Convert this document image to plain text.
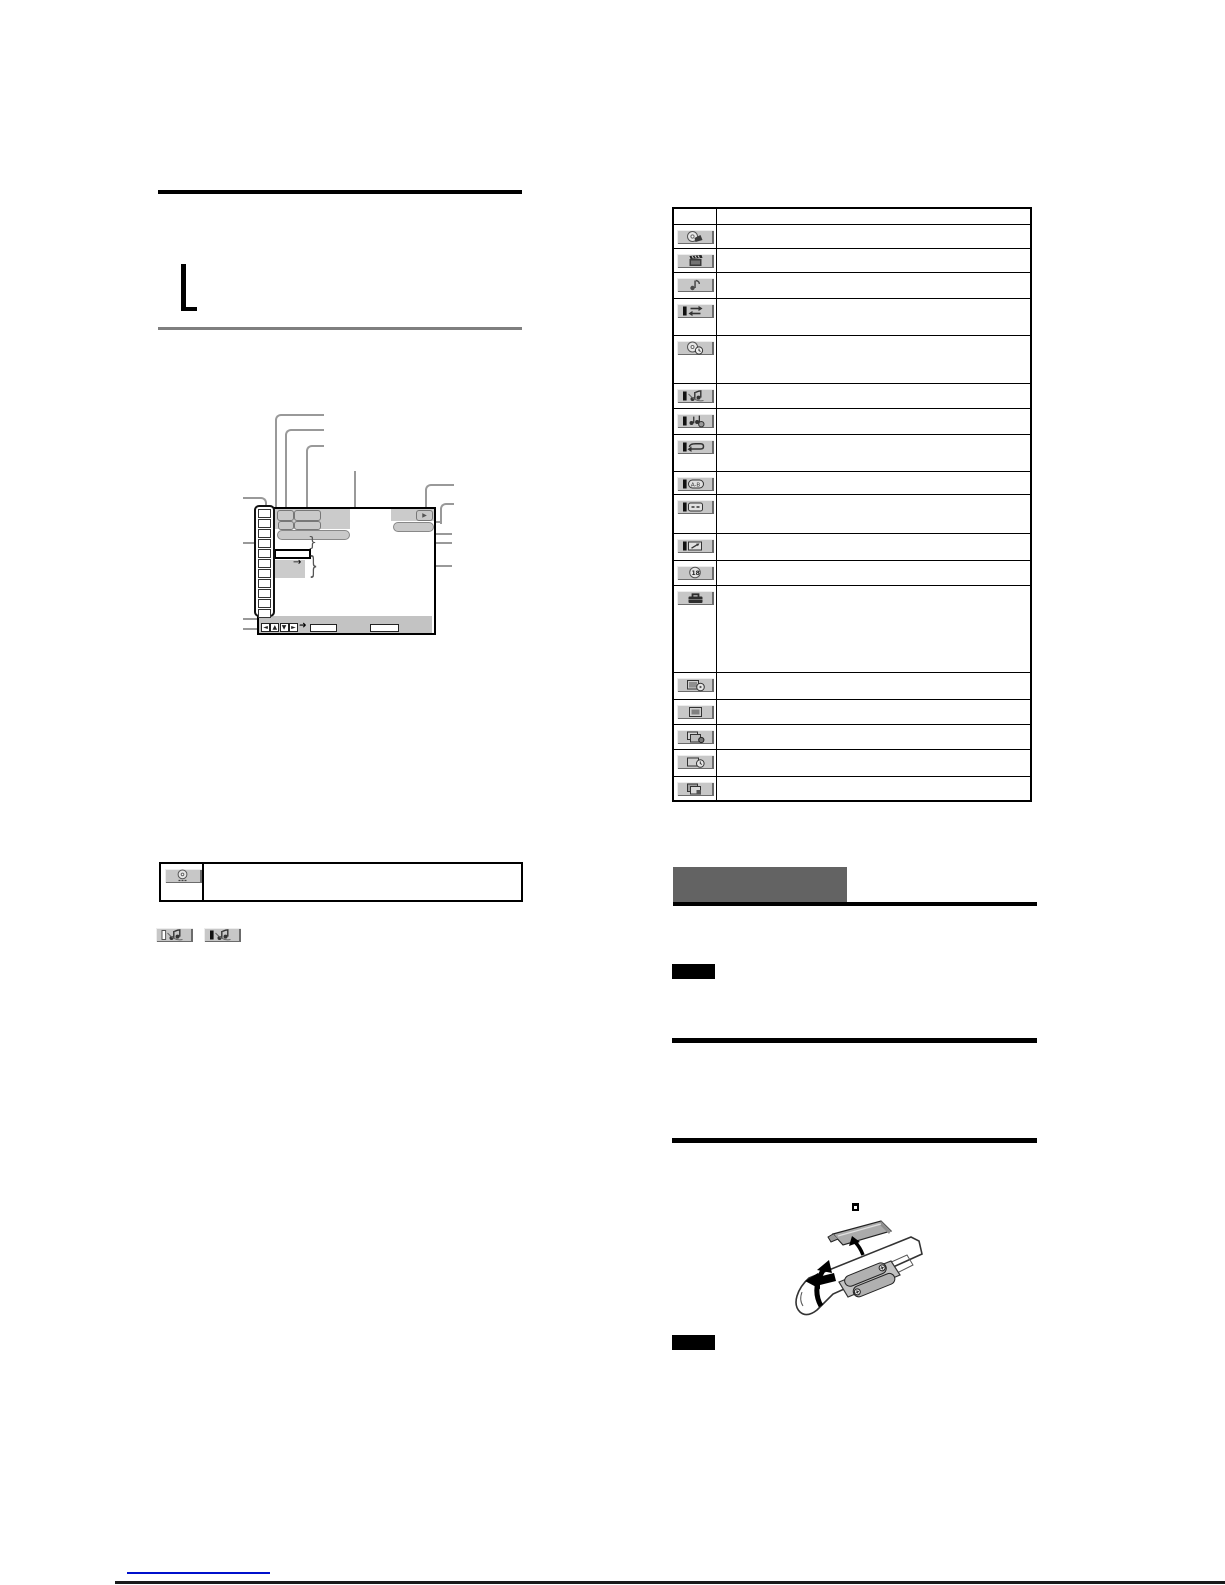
▶
→
}
}
◄ ▲ ▼ ► ➜
A-B
18
